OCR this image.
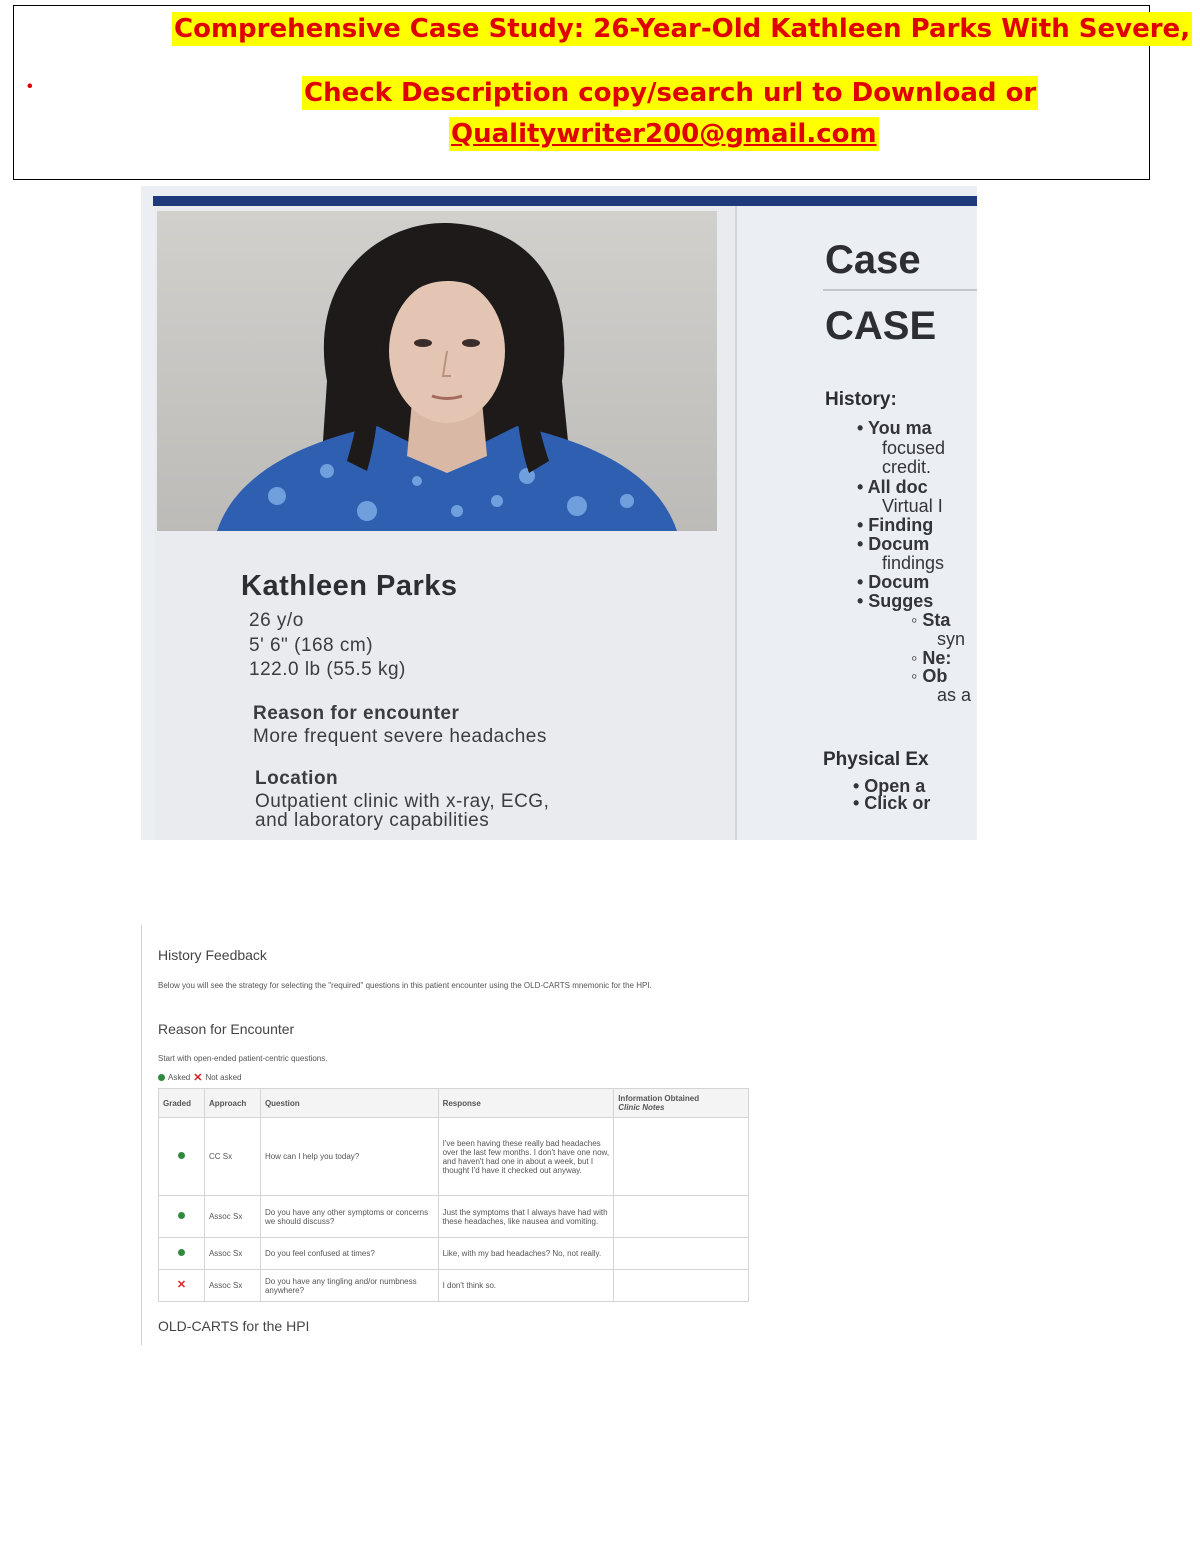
Comprehensive Case Study: 26-Year-Old Kathleen Parks With Severe,
•	Check Description copy/search url to Download or
Qualitywriter200@gmail.com
Kathleen Parks
26 y/o
5' 6" (168 cm)
122.0 lb (55.5 kg)
Reason for encounter
More frequent severe headaches
Location
Outpatient clinic with x-ray, ECG,
and laboratory capabilities
Case
CASE
History:
• You ma
focused
credit.
• All doc
Virtual I
• Finding
• Docum
findings
• Docum
• Sugges
◦ Sta
syn
◦ Ne:
◦ Ob
as a
Physical Ex
• Open a
• Click or
History Feedback
Below you will see the strategy for selecting the "required" questions in this patient encounter using the OLD-CARTS mnemonic for the HPI.
Reason for Encounter
Start with open-ended patient-centric questions.
Asked ✕ Not asked
Graded	Approach	Question	Response	Information Obtained
Clinic Notes

	CC Sx	How can I help you today?	I've been having these really bad headaches over the last few months. I don't have one now, and haven't had one in about a week, but I thought I'd have it checked out anyway.	
	Assoc Sx	Do you have any other symptoms or concerns we should discuss?	Just the symptoms that I always have had with these headaches, like nausea and vomiting.	
	Assoc Sx	Do you feel confused at times?	Like, with my bad headaches? No, not really.	
✕	Assoc Sx	Do you have any tingling and/or numbness anywhere?	I don't think so.	
OLD-CARTS for the HPI
